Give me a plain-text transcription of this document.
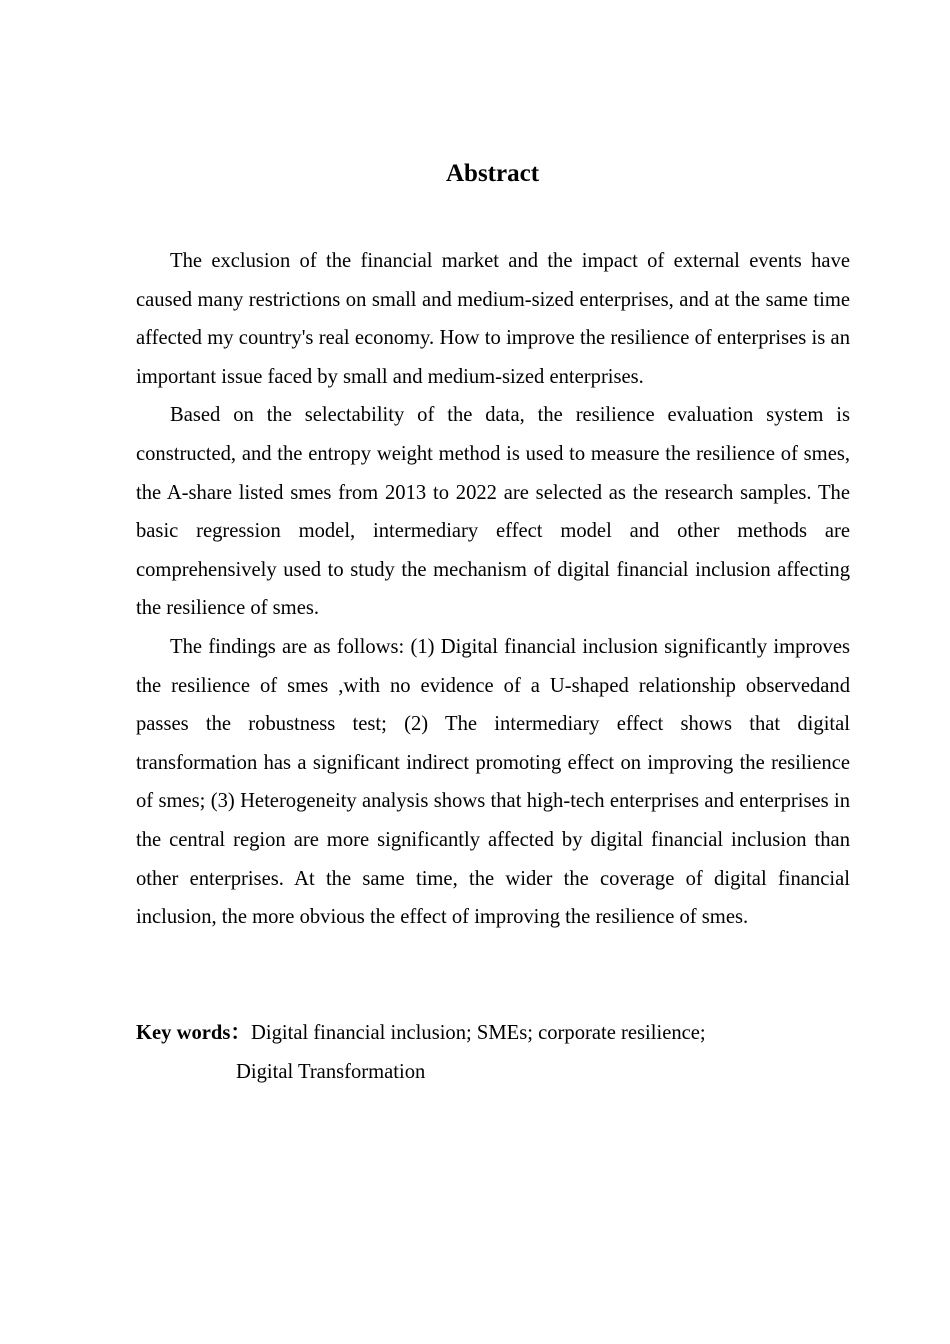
Abstract

The exclusion of the financial market and the impact of external events have caused many restrictions on small and medium-sized enterprises, and at the same time affected my country's real economy. How to improve the resilience of enterprises is an important issue faced by small and medium-sized enterprises.

Based on the selectability of the data, the resilience evaluation system is constructed, and the entropy weight method is used to measure the resilience of smes, the A-share listed smes from 2013 to 2022 are selected as the research samples. The basic regression model, intermediary effect model and other methods are comprehensively used to study the mechanism of digital financial inclusion affecting the resilience of smes.

The findings are as follows: (1) Digital financial inclusion significantly improves the resilience of smes ,with no evidence of a U-shaped relationship observedand passes the robustness test; (2) The intermediary effect shows that digital transformation has a significant indirect promoting effect on improving the resilience of smes; (3) Heterogeneity analysis shows that high-tech enterprises and enterprises in the central region are more significantly affected by digital financial inclusion than other enterprises. At the same time, the wider the coverage of digital financial inclusion, the more obvious the effect of improving the resilience of smes.

Key words：Digital financial inclusion; SMEs; corporate resilience;
Digital Transformation
